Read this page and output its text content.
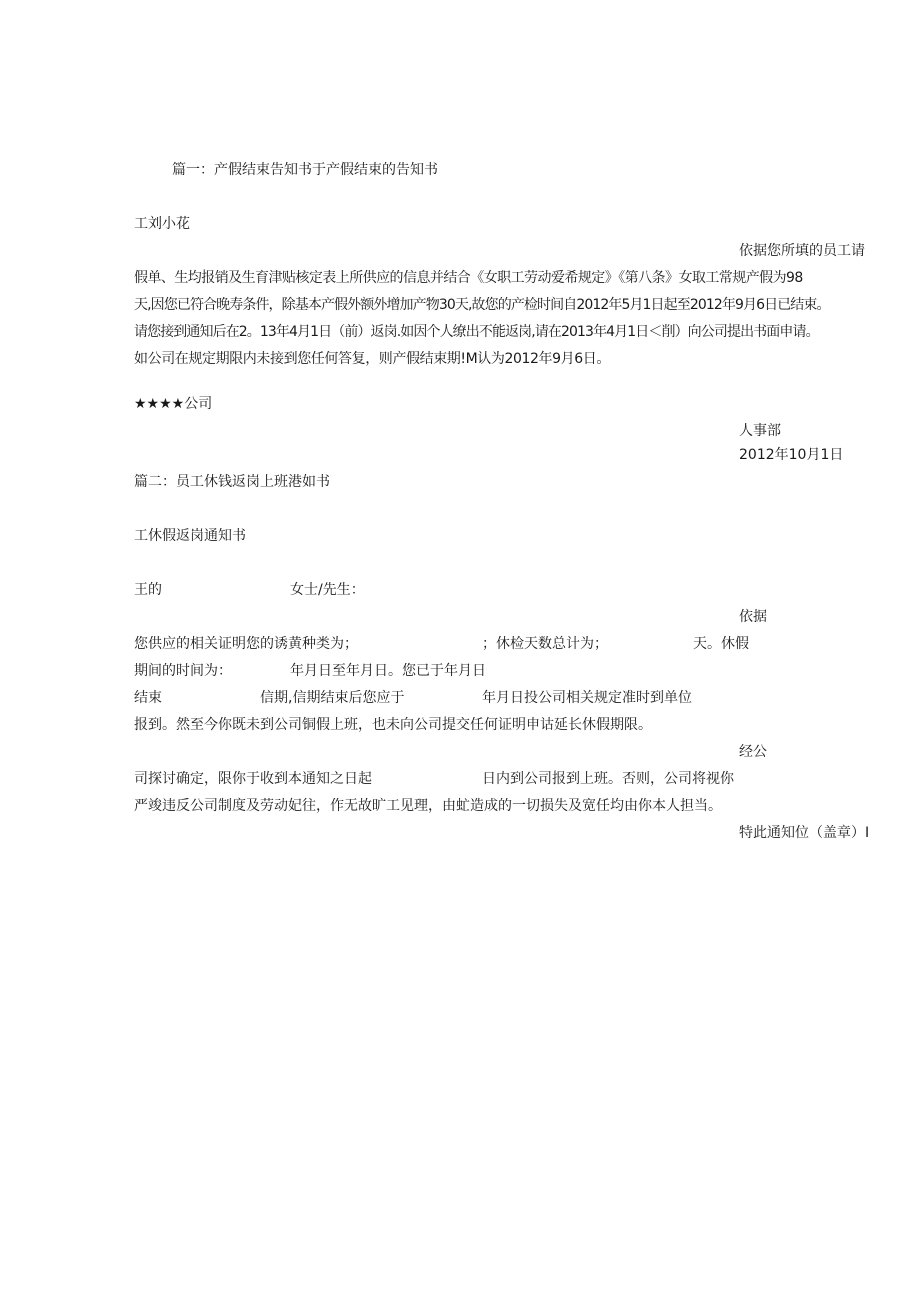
篇一：产假结束告知书于产假结束的告知书
工刘小花
依据您所填的员工请
假单、生均报销及生育津贴核定表上所供应的信息并结合《女职工劳动爱希规定》《第八条》女取工常规产假为98
天,因您已符合晚寿条件，除基本产假外额外增加产物30天,故您的产检时间自2012年5月1日起至2012年9月6日已结束。
请您接到通知后在2。13年4月1日（前）返岗.如因个人缭出不能返岗,请在2013年4月1日＜削）向公司提出书面申请。
如公司在规定期限内未接到您任何答复，则产假结束期!M认为2012年9月6日。
★★★★公司
人事部
2012年10月1日
篇二：员工休钱返岗上班港如书
工休假返岗通知书
王的	女士/先生：
依据
您供应的相关证明您的诱黄种类为；	；休检天数总计为；	天。休假
期间的时间为：	年月日至年月日。您已于年月日
结束	信期,信期结束后您应于	年月日投公司相关规定准时到单位
报到。然至今你既未到公司铜假上班，也未向公司提交任何证明申诂延长休假期限。
经公
司探讨确定，限你于收到本通知之日起	日内到公司报到上班。否则，公司将视你
严竣违反公司制度及劳动妃往，作无故旷工见理，由虻造成的一切损失及宽任均由你本人担当。
特此通知位（盖章）I
